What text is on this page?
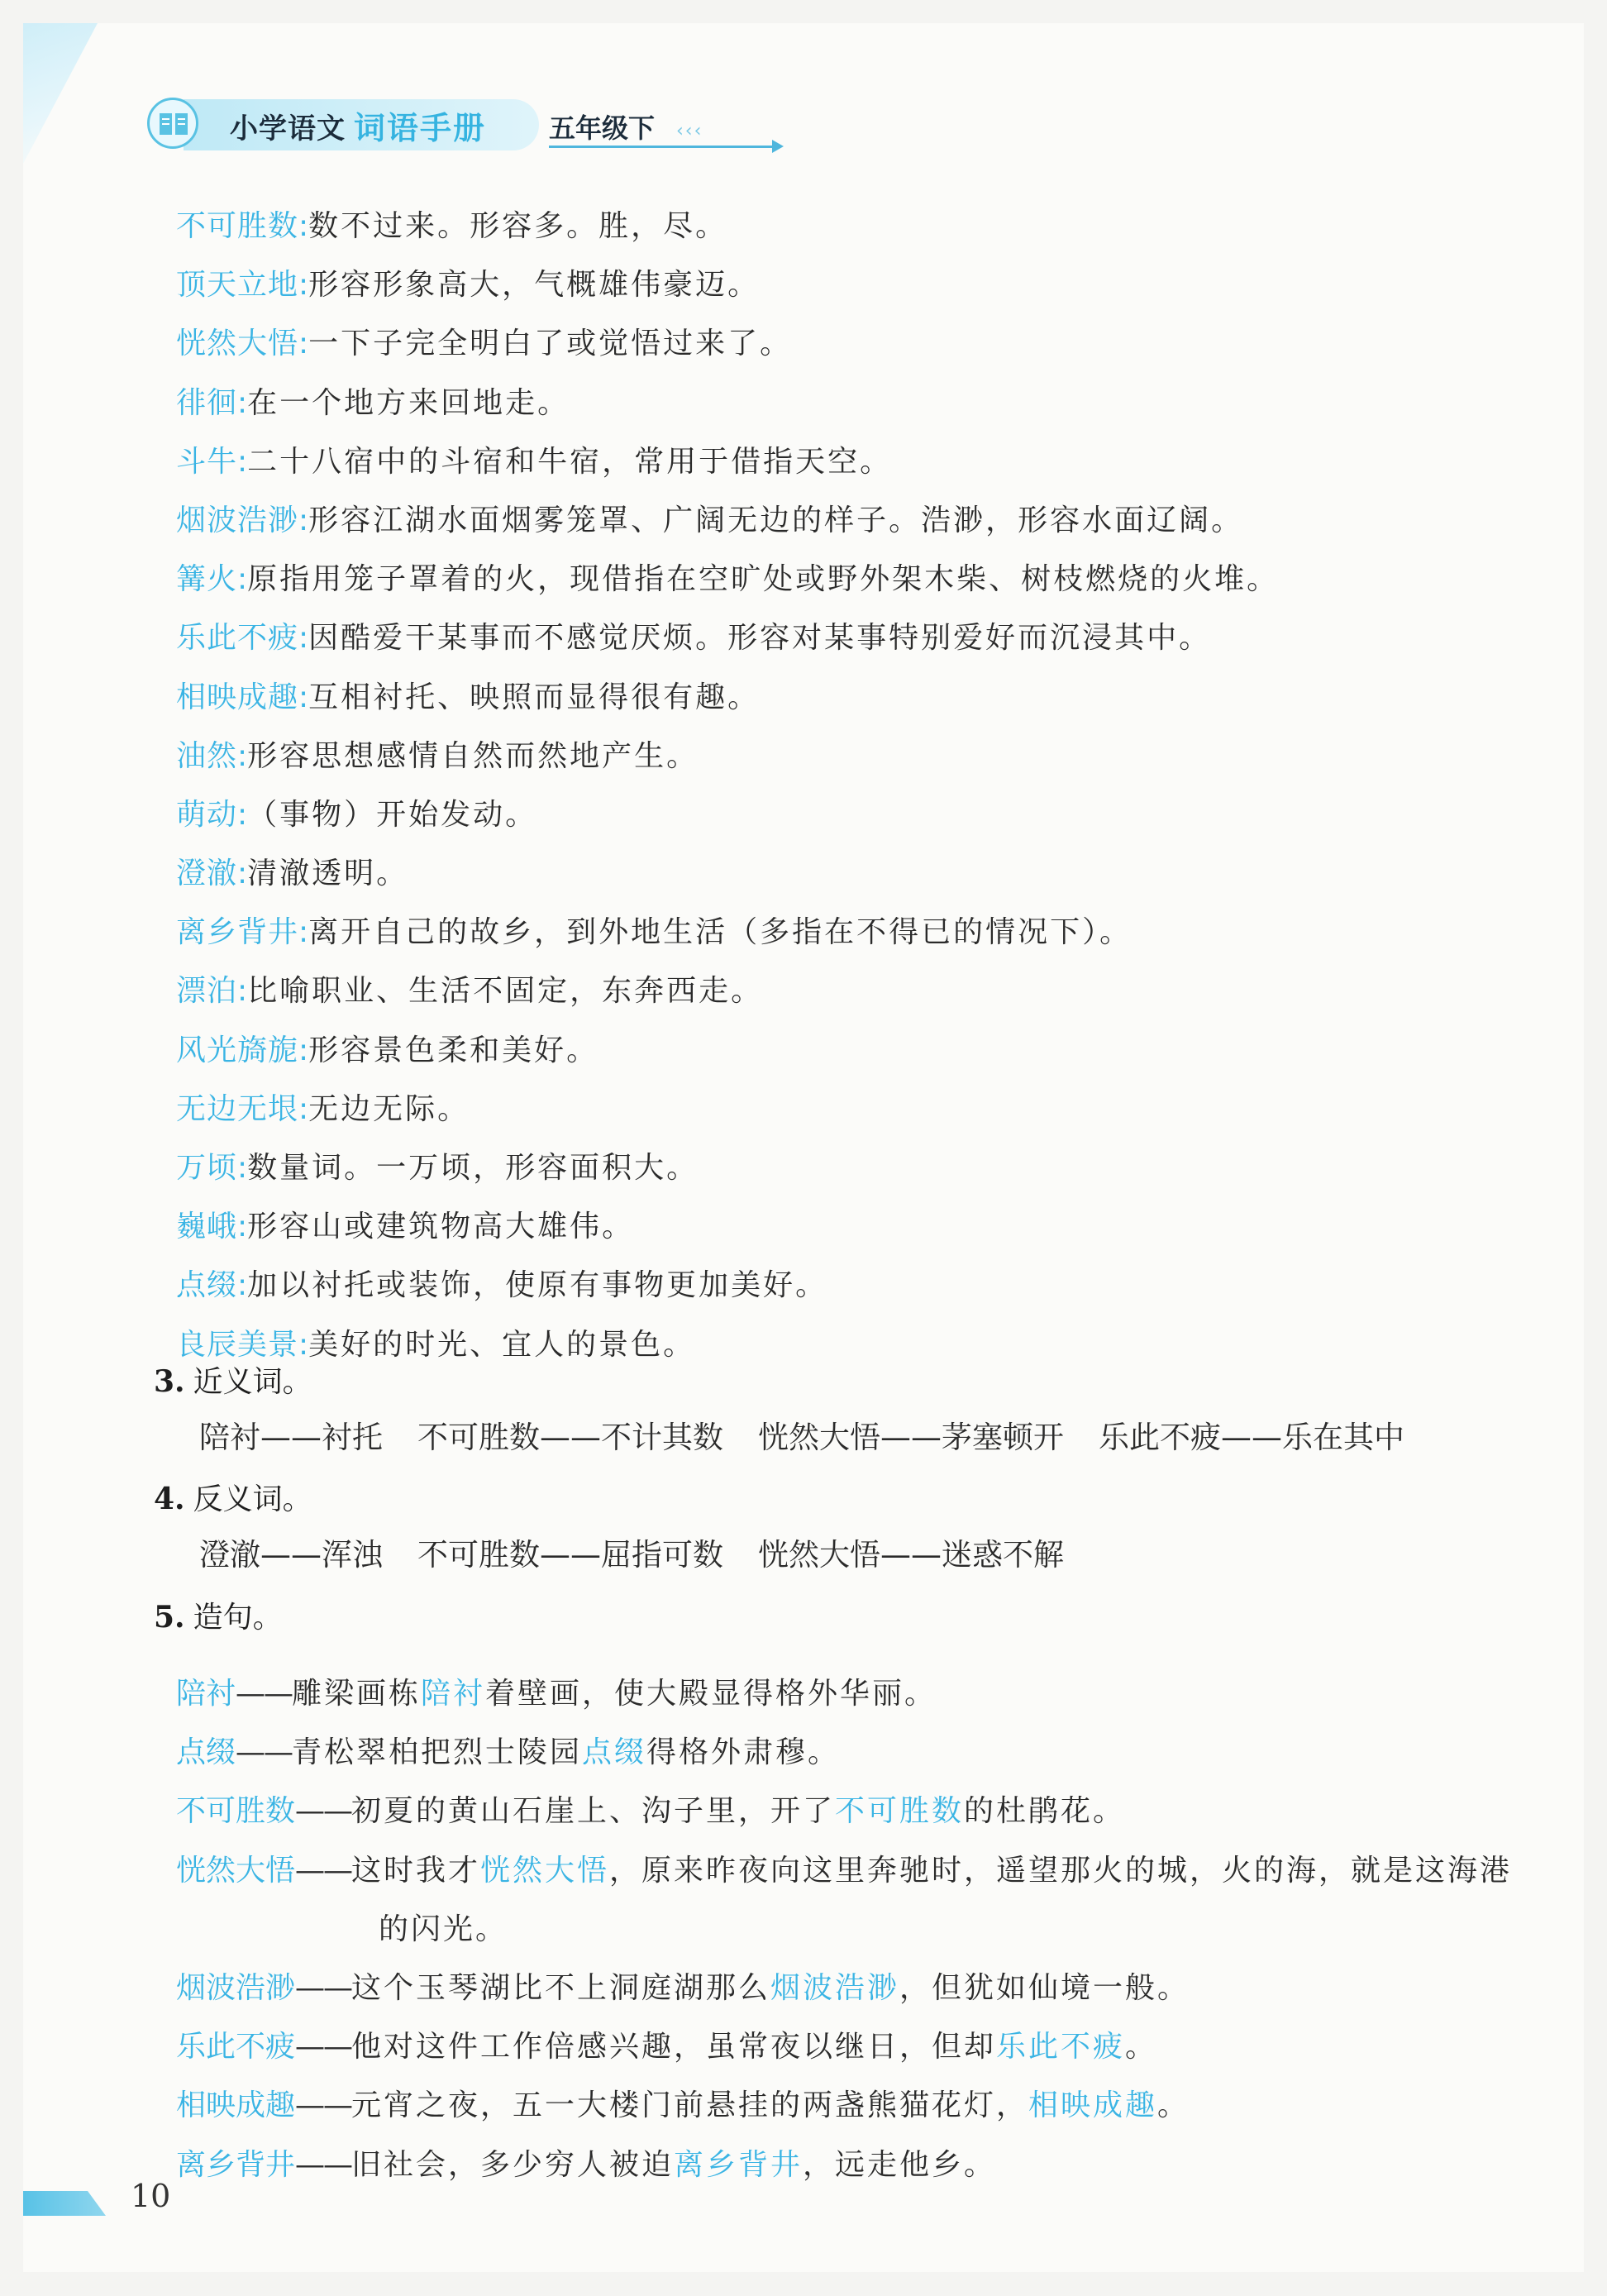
小学语文 词语手册 五年级下 ‹‹‹
不可胜数:数不过来。形容多。胜，尽。
顶天立地:形容形象高大，气概雄伟豪迈。
恍然大悟:一下子完全明白了或觉悟过来了。
徘徊:在一个地方来回地走。
斗牛:二十八宿中的斗宿和牛宿，常用于借指天空。
烟波浩渺:形容江湖水面烟雾笼罩、广阔无边的样子。浩渺，形容水面辽阔。
篝火:原指用笼子罩着的火，现借指在空旷处或野外架木柴、树枝燃烧的火堆。
乐此不疲:因酷爱干某事而不感觉厌烦。形容对某事特别爱好而沉浸其中。
相映成趣:互相衬托、映照而显得很有趣。
油然:形容思想感情自然而然地产生。
萌动:（事物）开始发动。
澄澈:清澈透明。
离乡背井:离开自己的故乡，到外地生活（多指在不得已的情况下）。
漂泊:比喻职业、生活不固定，东奔西走。
风光旖旎:形容景色柔和美好。
无边无垠:无边无际。
万顷:数量词。一万顷，形容面积大。
巍峨:形容山或建筑物高大雄伟。
点缀:加以衬托或装饰，使原有事物更加美好。
良辰美景:美好的时光、宜人的景色。
3. 近义词。
陪衬——衬托 不可胜数——不计其数 恍然大悟——茅塞顿开 乐此不疲——乐在其中
4. 反义词。
澄澈——浑浊 不可胜数——屈指可数 恍然大悟——迷惑不解
5. 造句。
陪衬——雕梁画栋陪衬着壁画，使大殿显得格外华丽。
点缀——青松翠柏把烈士陵园点缀得格外肃穆。
不可胜数——初夏的黄山石崖上、沟子里，开了不可胜数的杜鹃花。
恍然大悟——这时我才恍然大悟，原来昨夜向这里奔驰时，遥望那火的城，火的海，就是这海港
的闪光。
烟波浩渺——这个玉琴湖比不上洞庭湖那么烟波浩渺，但犹如仙境一般。
乐此不疲——他对这件工作倍感兴趣，虽常夜以继日，但却乐此不疲。
相映成趣——元宵之夜，五一大楼门前悬挂的两盏熊猫花灯，相映成趣。
离乡背井——旧社会，多少穷人被迫离乡背井，远走他乡。
10
